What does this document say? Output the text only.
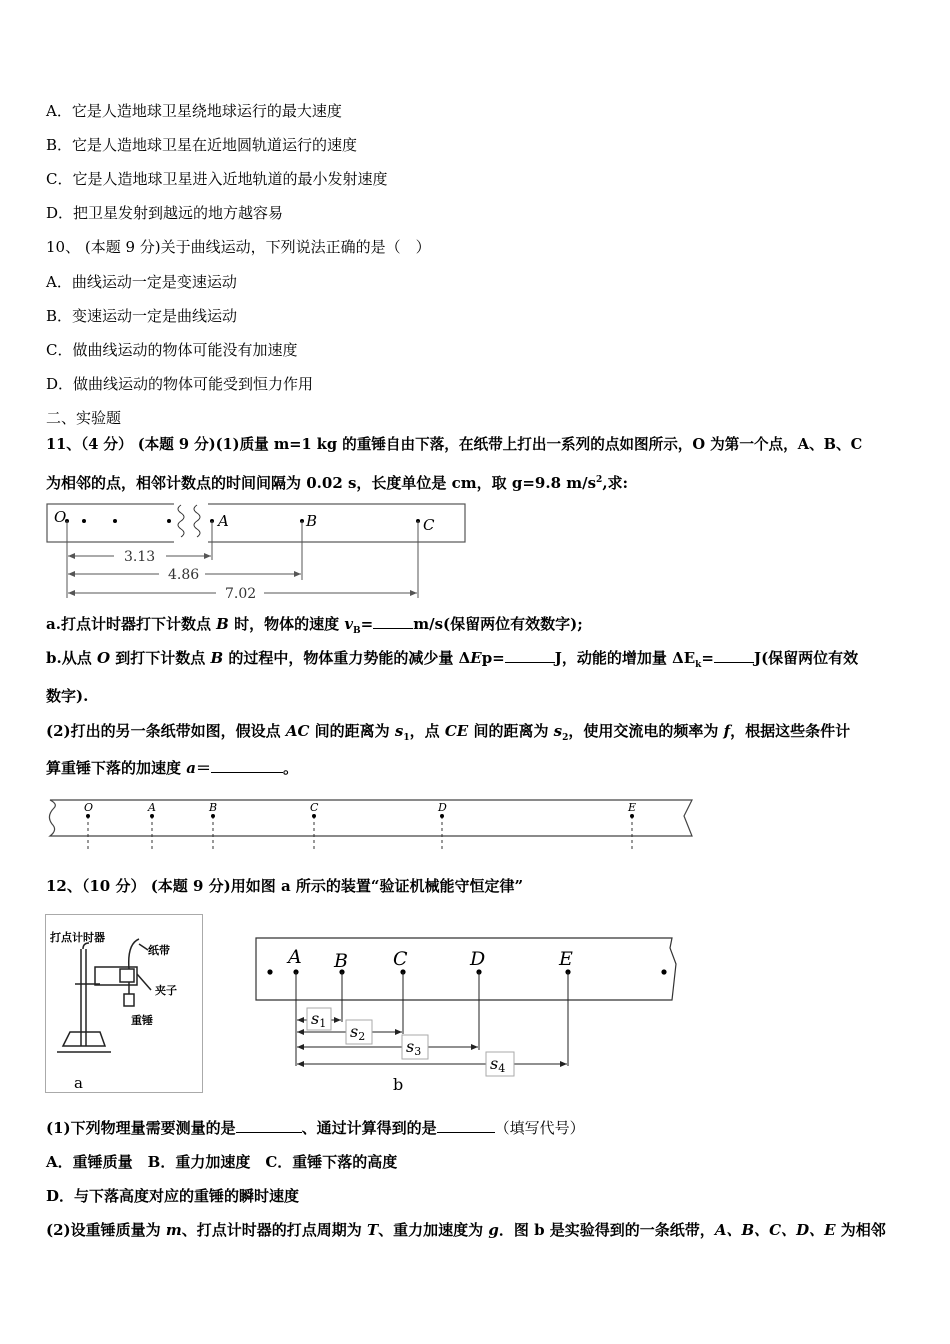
A．它是人造地球卫星绕地球运行的最大速度
B．它是人造地球卫星在近地圆轨道运行的速度
C．它是人造地球卫星进入近地轨道的最小发射速度
D．把卫星发射到越远的地方越容易
10、 (本题 9 分)关于曲线运动，下列说法正确的是（　）
A．曲线运动一定是变速运动
B．变速运动一定是曲线运动
C．做曲线运动的物体可能没有加速度
D．做曲线运动的物体可能受到恒力作用
二、实验题
11、（4 分） (本题 9 分)(1)质量 m=1 kg 的重锤自由下落，在纸带上打出一系列的点如图所示，O 为第一个点，A、B、C
为相邻的点，相邻计数点的时间间隔为 0.02 s，长度单位是 cm，取 g=9.8 $m/s^2$,求:
O	A	B	C
3.13
4.86
7.02
a.打点计时器打下计数点 B 时，物体的速度 $v_B=$	m/s(保留两位有效数字);
b.从点 O 到打下计数点 B 的过程中，物体重力势能的减少量 ΔEp=	J，动能的增加量 $\Delta E_k=$	J(保留两位有效
数字).
(2)打出的另一条纸带如图，假设点 AC 间的距离为 $s_1$，点 CE 间的距离为 $s_2$，使用交流电的频率为 f，根据这些条件计
算重锤下落的加速度 a＝	。
O	A	B	C	D	E
12、（10 分） (本题 9 分)用如图 a 所示的装置“验证机械能守恒定律”
打点计时器
纸带
夹子
重锤
a
A B C	D	E
s1 s2
s3
s4
b
(1)下列物理量需要测量的是	、通过计算得到的是	（填写代号）
A．重锤质量　B．重力加速度　C．重锤下落的高度
D．与下落高度对应的重锤的瞬时速度
(2)设重锤质量为 m、打点计时器的打点周期为 T、重力加速度为 g．图 b 是实验得到的一条纸带，A、B、C、D、E 为相邻
